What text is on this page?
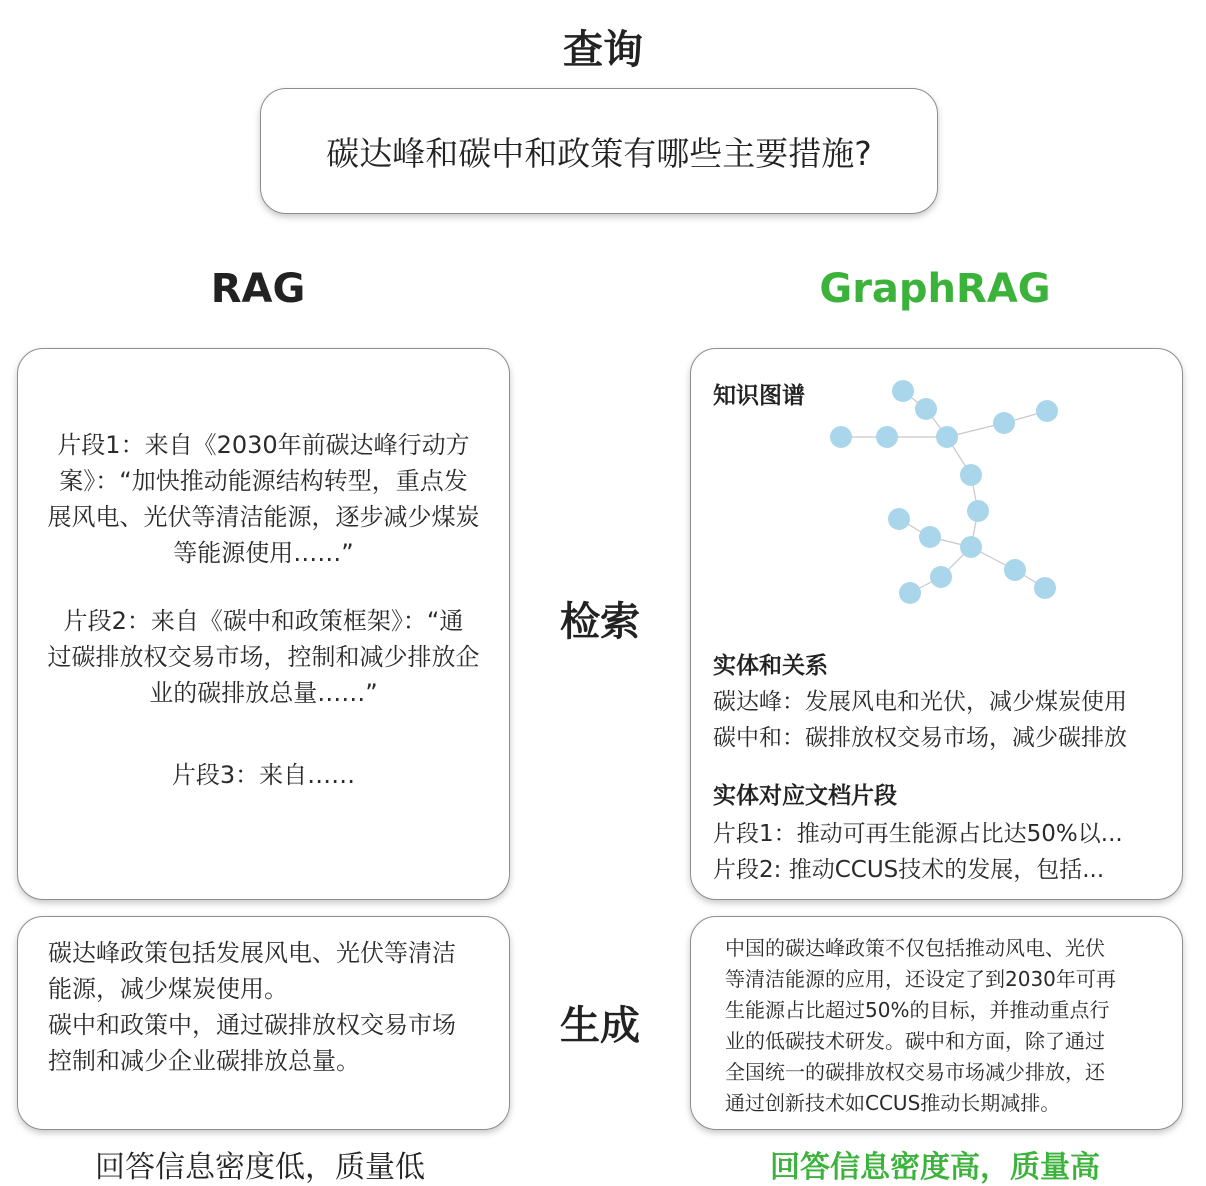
查询
碳达峰和碳中和政策有哪些主要措施?
RAG	GraphRAG
检索
生成

片段1：来自《2030年前碳达峰行动方
案》：“加快推动能源结构转型，重点发
展风电、光伏等清洁能源，逐步减少煤炭
等能源使用……”

片段2：来自《碳中和政策框架》：“通
过碳排放权交易市场，控制和减少排放企
业的碳排放总量……”

片段3：来自……

知识图谱
实体和关系
碳达峰：发展风电和光伏，减少煤炭使用
碳中和：碳排放权交易市场，减少碳排放
实体对应文档片段
片段1：推动可再生能源占比达50%以...
片段2: 推动CCUS技术的发展，包括...
碳达峰政策包括发展风电、光伏等清洁
能源，减少煤炭使用。
碳中和政策中，通过碳排放权交易市场
控制和减少企业碳排放总量。
中国的碳达峰政策不仅包括推动风电、光伏
等清洁能源的应用，还设定了到2030年可再
生能源占比超过50%的目标，并推动重点行
业的低碳技术研发。碳中和方面，除了通过
全国统一的碳排放权交易市场减少排放，还
通过创新技术如CCUS推动长期减排。
回答信息密度低，质量低	回答信息密度高，质量高
